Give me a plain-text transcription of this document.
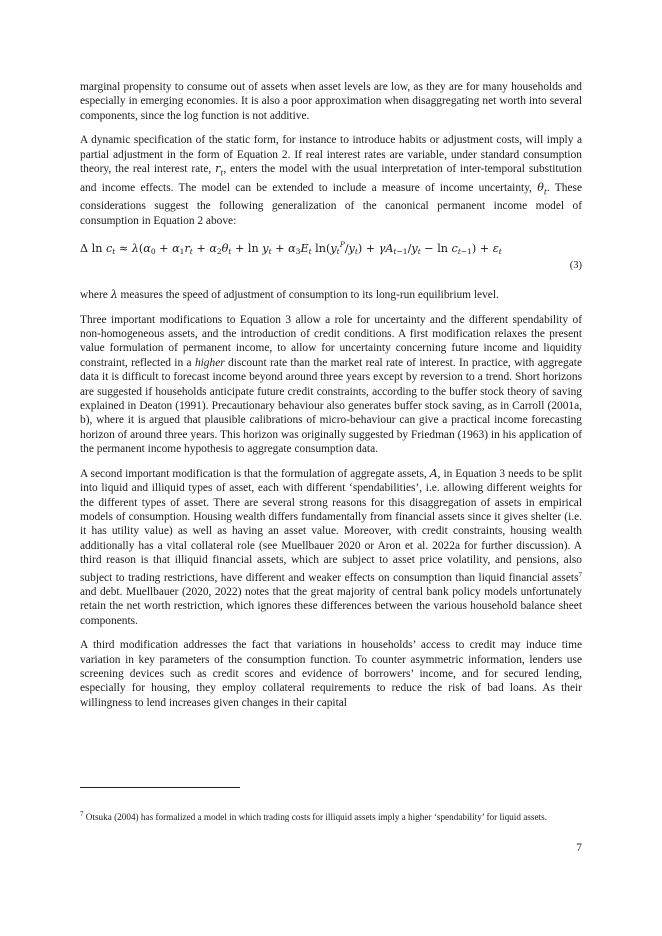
marginal propensity to consume out of assets when asset levels are low, as they are for many households and especially in emerging economies. It is also a poor approximation when disaggregating net worth into several components, since the log function is not additive.

A dynamic specification of the static form, for instance to introduce habits or adjustment costs, will imply a partial adjustment in the form of Equation 2. If real interest rates are variable, under standard consumption theory, the real interest rate, $r_t$, enters the model with the usual interpretation of inter-temporal substitution and income effects. The model can be extended to include a measure of income uncertainty, $\theta_t$. These considerations suggest the following generalization of the canonical permanent income model of consumption in Equation 2 above:

Δ $\ln c_t \approx \lambda(\alpha_0 + \alpha_1r_t + \alpha_2\theta_t + \ln y_t + \alpha_3E_t$ $\ln(y_t^P/y_t) + \gamma A_{t-1}/y_t - \ln c_{t-1}) + \varepsilon_t$
(3)

where λ measures the speed of adjustment of consumption to its long-run equilibrium level.

Three important modifications to Equation 3 allow a role for uncertainty and the different spendability of non-homogeneous assets, and the introduction of credit conditions. A first modification relaxes the present value formulation of permanent income, to allow for uncertainty concerning future income and liquidity constraint, reflected in a higher discount rate than the market real rate of interest. In practice, with aggregate data it is difficult to forecast income beyond around three years except by reversion to a trend. Short horizons are suggested if households anticipate future credit constraints, according to the buffer stock theory of saving explained in Deaton (1991). Precautionary behaviour also generates buffer stock saving, as in Carroll (2001a, b), where it is argued that plausible calibrations of micro-behaviour can give a practical income forecasting horizon of around three years. This horizon was originally suggested by Friedman (1963) in his application of the permanent income hypothesis to aggregate consumption data.

A second important modification is that the formulation of aggregate assets, A, in Equation 3 needs to be split into liquid and illiquid types of asset, each with different ‘spendabilities’, i.e. allowing different weights for the different types of asset. There are several strong reasons for this disaggregation of assets in empirical models of consumption. Housing wealth differs fundamentally from financial assets since it gives shelter (i.e. it has utility value) as well as having an asset value. Moreover, with credit constraints, housing wealth additionally has a vital collateral role (see Muellbauer 2020 or Aron et al. 2022a for further discussion). A third reason is that illiquid financial assets, which are subject to asset price volatility, and pensions, also subject to trading restrictions, have different and weaker effects on consumption than liquid financial assets$^7$ and debt. Muellbauer (2020, 2022) notes that the great majority of central bank policy models unfortunately retain the net worth restriction, which ignores these differences between the various household balance sheet components.

A third modification addresses the fact that variations in households’ access to credit may induce time variation in key parameters of the consumption function. To counter asymmetric information, lenders use screening devices such as credit scores and evidence of borrowers’ income, and for secured lending, especially for housing, they employ collateral requirements to reduce the risk of bad loans. As their willingness to lend increases given changes in their capital

$^7$ Otsuka (2004) has formalized a model in which trading costs for illiquid assets imply a higher ‘spendability’ for liquid assets.
7
